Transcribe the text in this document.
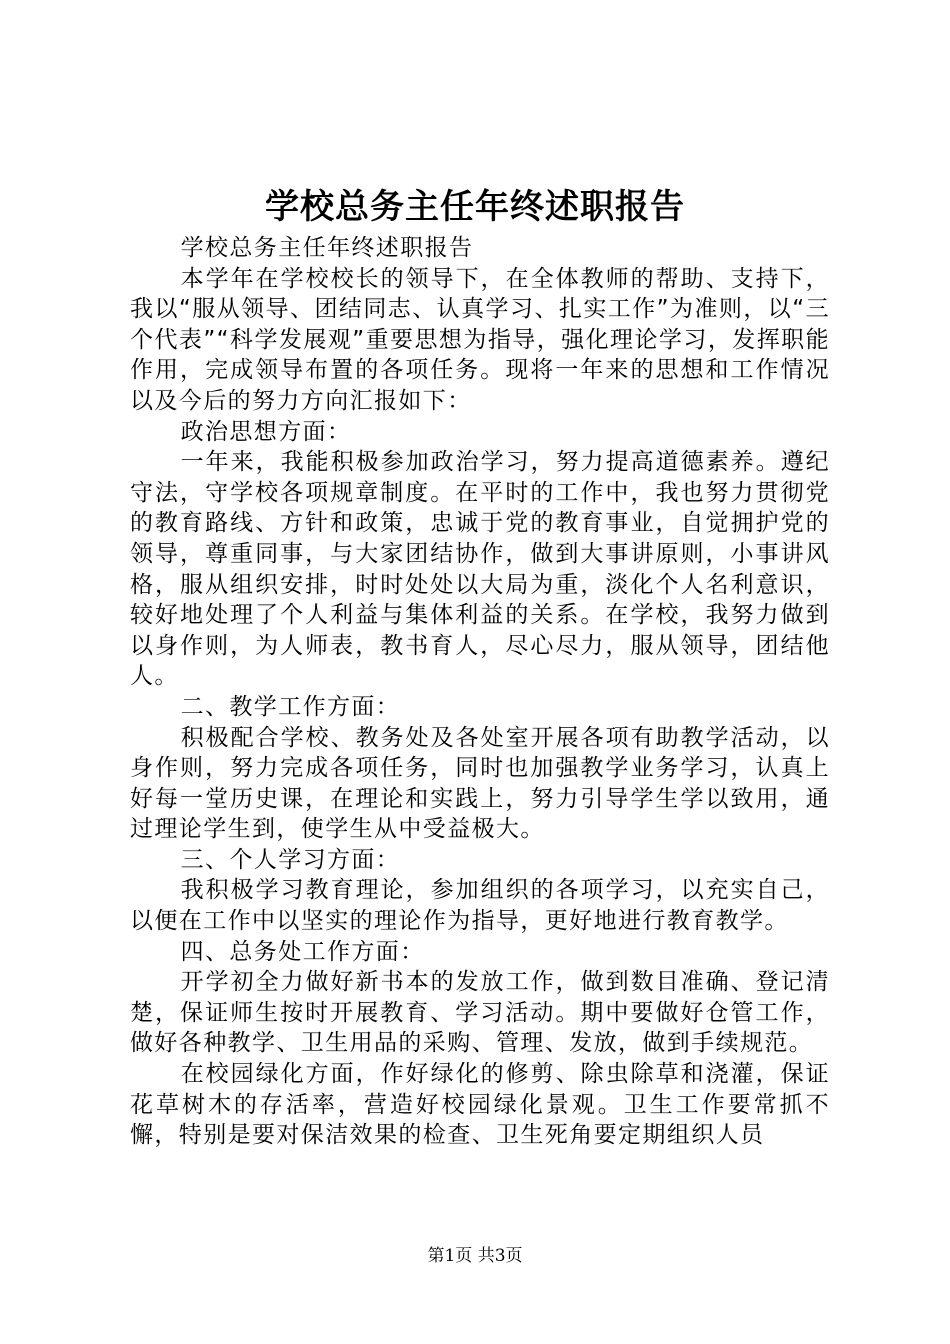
学校总务主任年终述职报告

学校总务主任年终述职报告

本学年在学校校长的领导下，在全体教师的帮助、支持下，我以“服从领导、团结同志、认真学习、扎实工作”为准则，以“三个代表”“科学发展观”重要思想为指导，强化理论学习，发挥职能作用，完成领导布置的各项任务。现将一年来的思想和工作情况以及今后的努力方向汇报如下：

政治思想方面：

一年来，我能积极参加政治学习，努力提高道德素养。遵纪守法，守学校各项规章制度。在平时的工作中，我也努力贯彻党的教育路线、方针和政策，忠诚于党的教育事业，自觉拥护党的领导，尊重同事，与大家团结协作，做到大事讲原则，小事讲风格，服从组织安排，时时处处以大局为重，淡化个人名利意识，较好地处理了个人利益与集体利益的关系。在学校，我努力做到以身作则，为人师表，教书育人，尽心尽力，服从领导，团结他人。

二、教学工作方面：

积极配合学校、教务处及各处室开展各项有助教学活动，以身作则，努力完成各项任务，同时也加强教学业务学习，认真上好每一堂历史课，在理论和实践上，努力引导学生学以致用，通过理论学生到，使学生从中受益极大。

三、个人学习方面：

我积极学习教育理论，参加组织的各项学习，以充实自己，以便在工作中以坚实的理论作为指导，更好地进行教育教学。

四、总务处工作方面：

开学初全力做好新书本的发放工作，做到数目准确、登记清楚，保证师生按时开展教育、学习活动。期中要做好仓管工作，做好各种教学、卫生用品的采购、管理、发放，做到手续规范。

在校园绿化方面，作好绿化的修剪、除虫除草和浇灌，保证花草树木的存活率，营造好校园绿化景观。卫生工作要常抓不懈，特别是要对保洁效果的检查、卫生死角要定期组织人员

第1页 共3页
